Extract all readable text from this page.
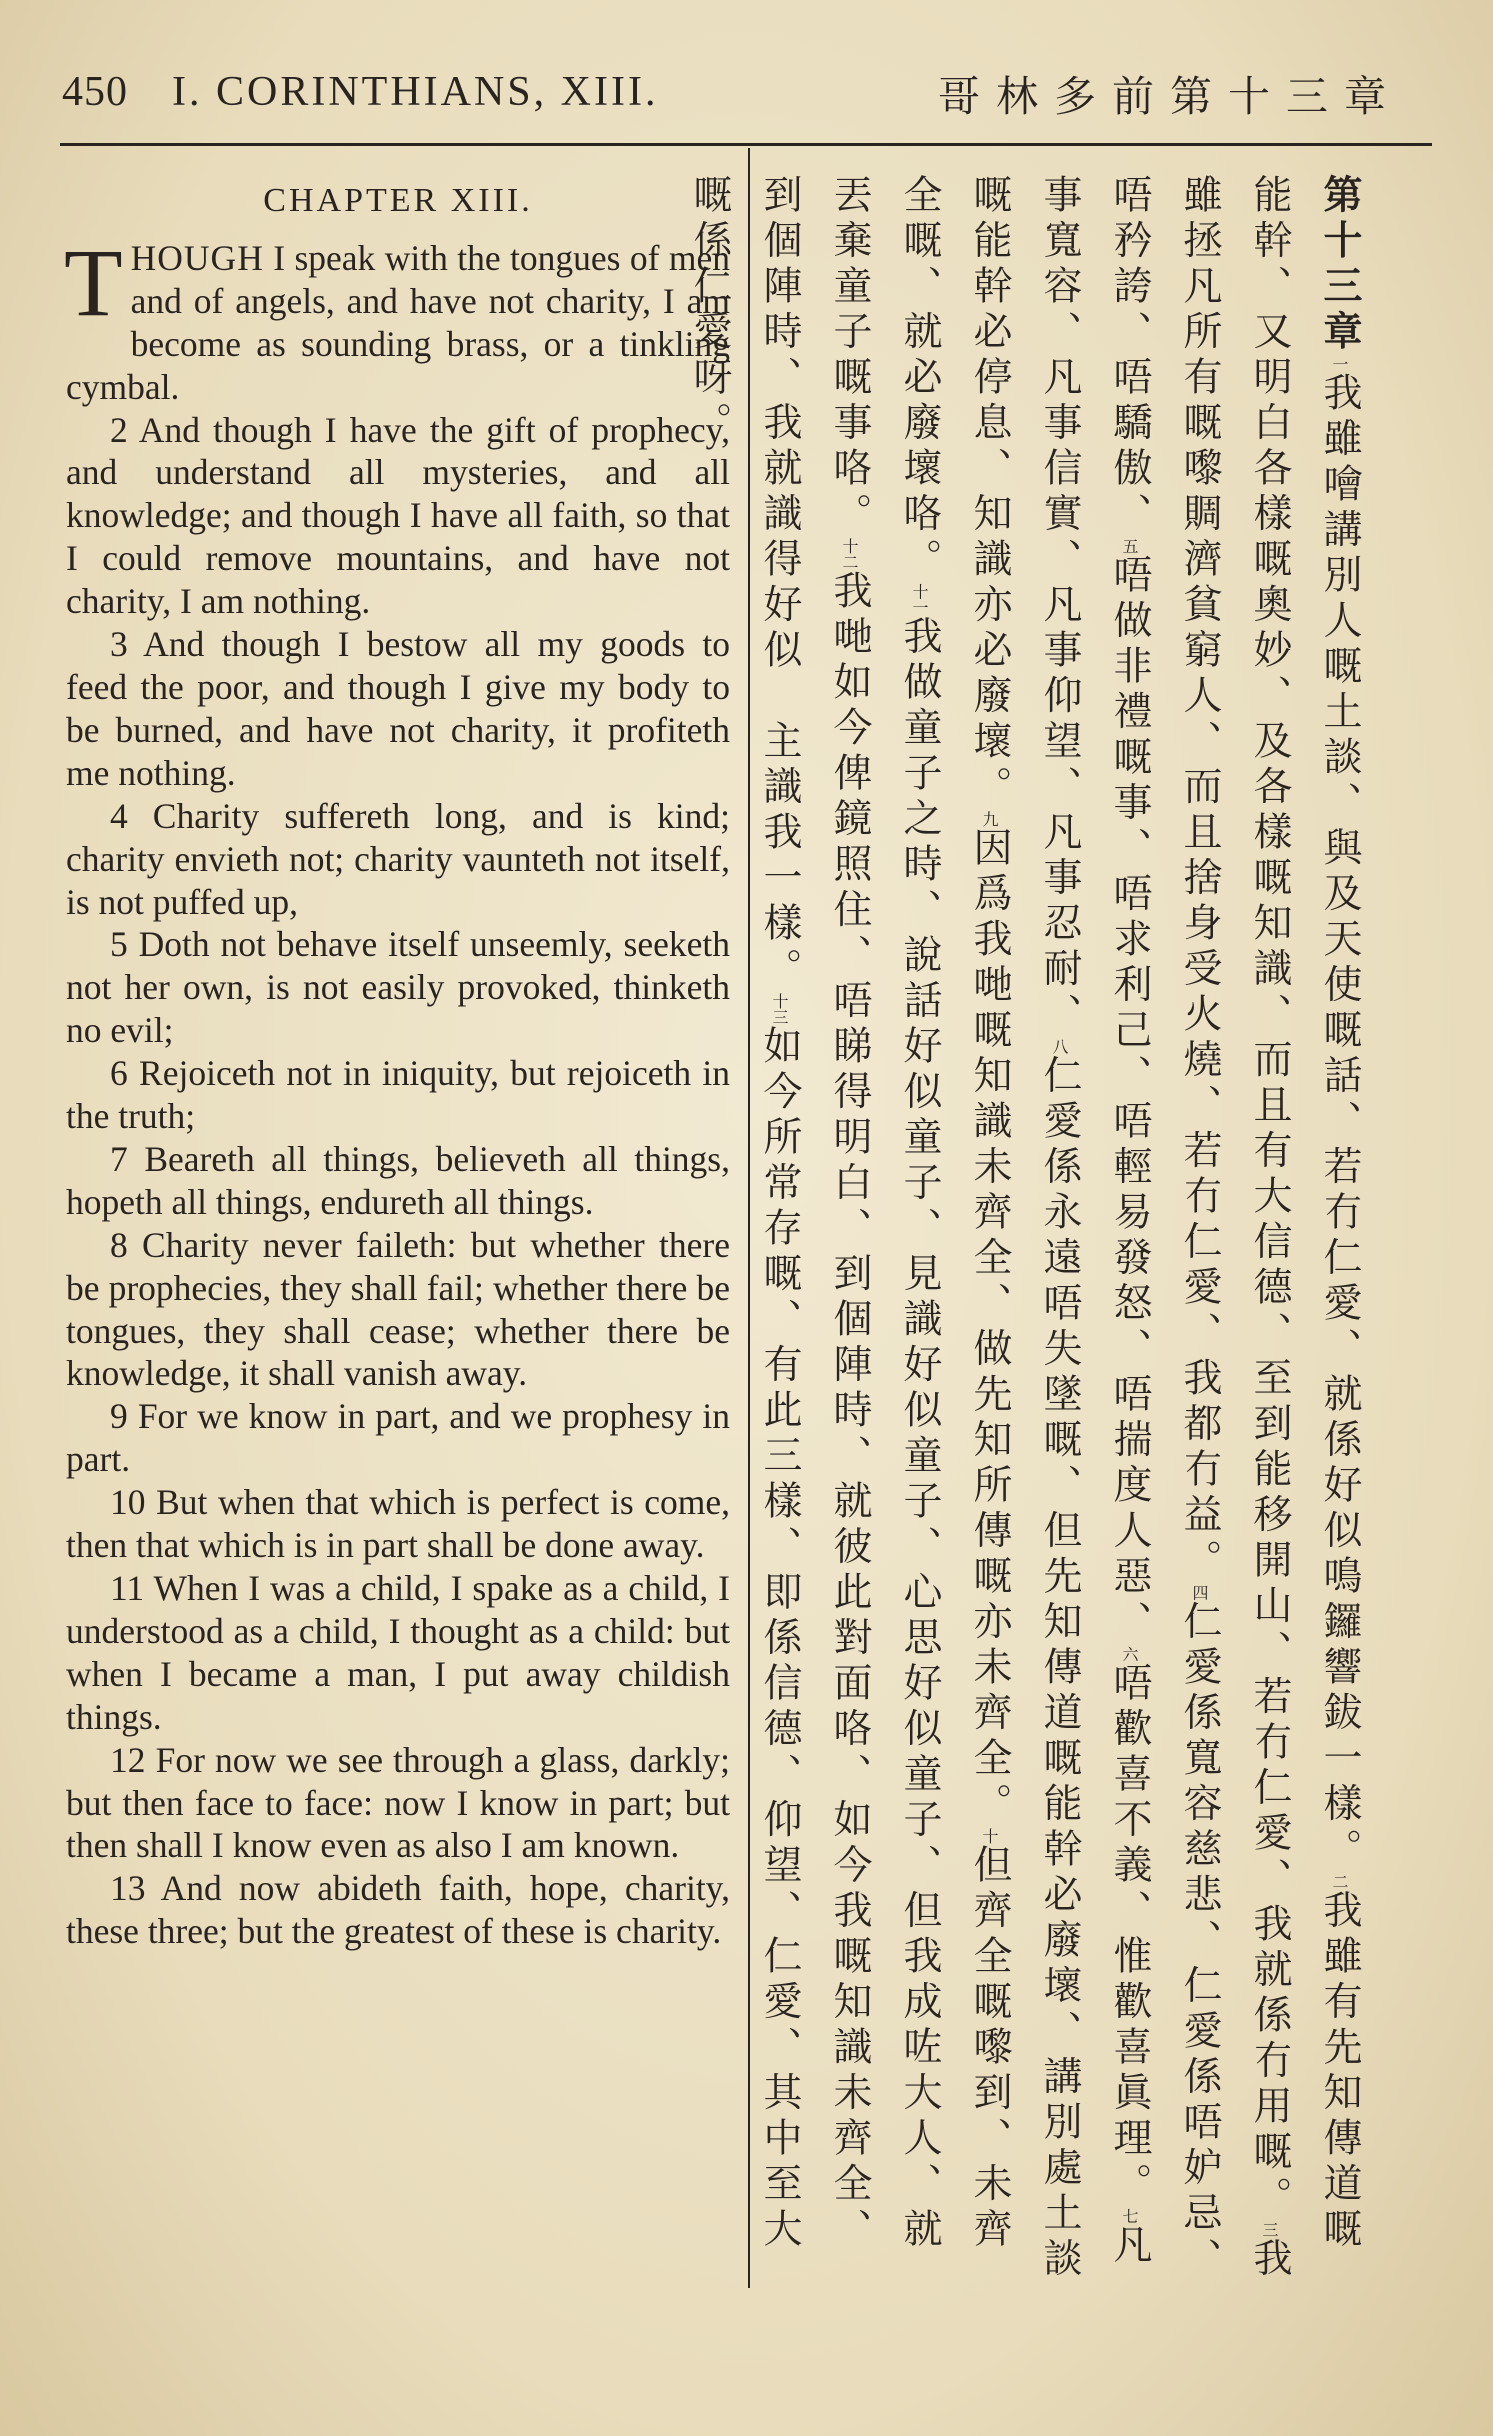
450 I. CORINTHIANS, XIII.	哥林多前第十三章
CHAPTER XIII.

THOUGH I speak with the tongues of men and of angels, and have not charity, I am become as sounding brass, or a tinkling cymbal.

2 And though I have the gift of prophecy, and understand all mysteries, and all knowledge; and though I have all faith, so that I could remove mountains, and have not charity, I am nothing.

3 And though I bestow all my goods to feed the poor, and though I give my body to be burned, and have not charity, it profiteth me nothing.

4 Charity suffereth long, and is kind; charity envieth not; charity vaunteth not itself, is not puffed up,

5 Doth not behave itself unseemly, seeketh not her own, is not easily provoked, thinketh no evil;

6 Rejoiceth not in iniquity, but rejoiceth in the truth;

7 Beareth all things, believeth all things, hopeth all things, endureth all things.

8 Charity never faileth: but whether there be prophecies, they shall fail; whether there be tongues, they shall cease; whether there be knowledge, it shall vanish away.

9 For we know in part, and we prophesy in part.

10 But when that which is perfect is come, then that which is in part shall be done away.

11 When I was a child, I spake as a child, I understood as a child, I thought as a child: but when I became a man, I put away childish things.

12 For now we see through a glass, darkly; but then face to face: now I know in part; but then shall I know even as also I am known.

13 And now abideth faith, hope, charity, these three; but the greatest of these is charity.

第十三章一我雖噲講別人嘅土談、與及天使嘅話、若冇仁愛、就係好似鳴鑼響鈸一樣。二我雖有先知傳道嘅能幹、又明白各樣嘅奧妙、及各樣嘅知識、而且有大信德、至到能移開山、若冇仁愛、我就係冇用嘅。三我雖拯凡所有嘅嚟賙濟貧窮人、而且捨身受火燒、若冇仁愛、我都冇益。四仁愛係寬容慈悲、仁愛係唔妒忌、唔矜誇、唔驕傲、五唔做非禮嘅事、唔求利己、唔輕易發怒、唔揣度人惡、六唔歡喜不義、惟歡喜眞理。七凡事寬容、凡事信實、凡事仰望、凡事忍耐、八仁愛係永遠唔失墜嘅、但先知傳道嘅能幹必廢壞、講別處土談嘅能幹必停息、知識亦必廢壞。九因爲我哋嘅知識未齊全、做先知所傳嘅亦未齊全。十但齊全嘅嚟到、未齊全嘅、就必廢壞咯。十一我做童子之時、說話好似童子、見識好似童子、心思好似童子、但我成咗大人、就丟棄童子嘅事咯。十二我哋如今俾鏡照住、唔睇得明白、到個陣時、就彼此對面咯、如今我嘅知識未齊全、到個陣時、我就識得好似　主識我一樣。十三如今所常存嘅、有此三樣、即係信德、仰望、仁愛、其中至大嘅係仁愛呀。
